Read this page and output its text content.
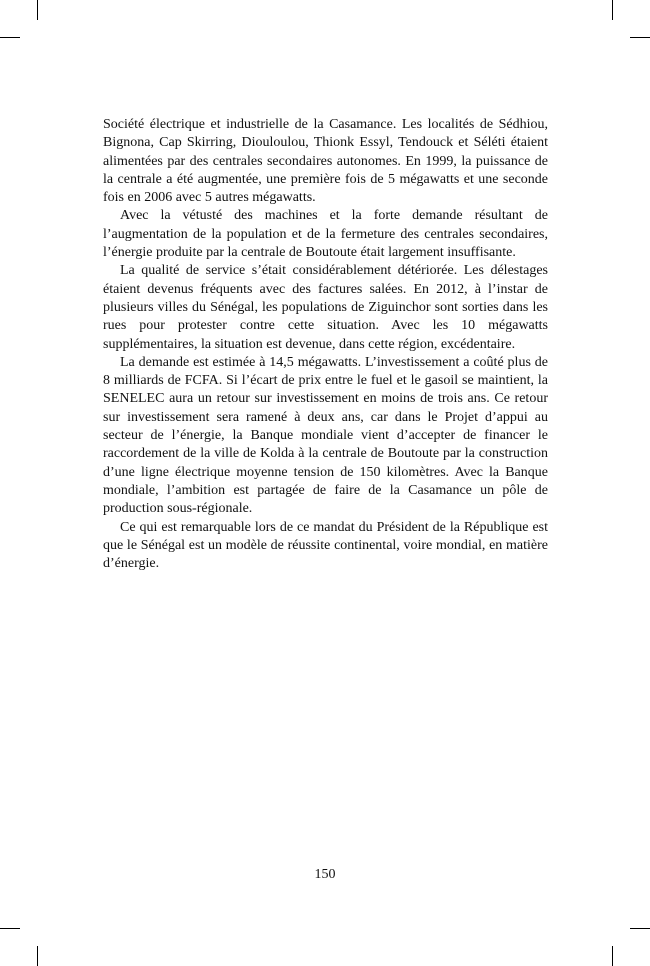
Société électrique et industrielle de la Casamance. Les localités de Sédhiou, Bignona, Cap Skirring, Diouloulou, Thionk Essyl, Tendouck et Séléti étaient alimentées par des centrales secondaires autonomes. En 1999, la puissance de la centrale a été augmentée, une première fois de 5 mégawatts et une seconde fois en 2006 avec 5 autres mégawatts.

Avec la vétusté des machines et la forte demande résultant de l’augmentation de la population et de la fermeture des centrales secondaires, l’énergie produite par la centrale de Boutoute était largement insuffisante.

La qualité de service s’était considérablement détériorée. Les délestages étaient devenus fréquents avec des factures salées. En 2012, à l’instar de plusieurs villes du Sénégal, les populations de Ziguinchor sont sorties dans les rues pour protester contre cette situation. Avec les 10 mégawatts supplémentaires, la situation est devenue, dans cette région, excédentaire.

La demande est estimée à 14,5 mégawatts. L’investissement a coûté plus de 8 milliards de FCFA. Si l’écart de prix entre le fuel et le gasoil se maintient, la SENELEC aura un retour sur investissement en moins de trois ans. Ce retour sur investissement sera ramené à deux ans, car dans le Projet d’appui au secteur de l’énergie, la Banque mondiale vient d’accepter de financer le raccordement de la ville de Kolda à la centrale de Boutoute par la construction d’une ligne électrique moyenne tension de 150 kilomètres. Avec la Banque mondiale, l’ambition est partagée de faire de la Casamance un pôle de production sous-régionale.

Ce qui est remarquable lors de ce mandat du Président de la République est que le Sénégal est un modèle de réussite continental, voire mondial, en matière d’énergie.

150
